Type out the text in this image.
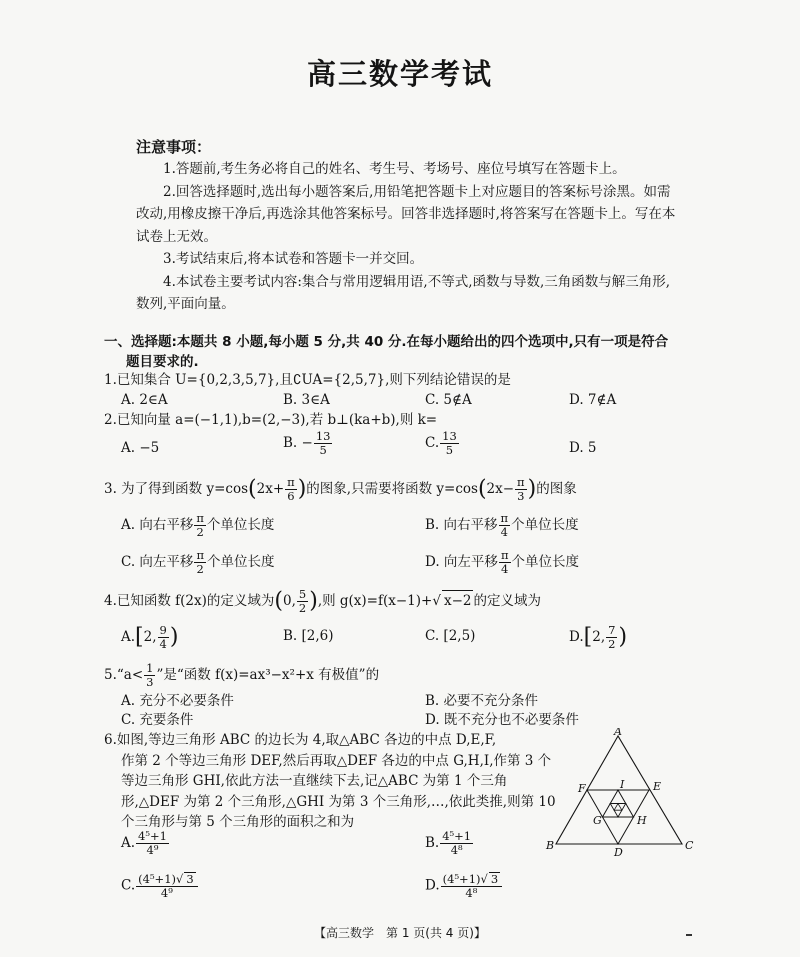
高三数学考试
注意事项：

1.答题前,考生务必将自己的姓名、考生号、考场号、座位号填写在答题卡上。

2.回答选择题时,选出每小题答案后,用铅笔把答题卡上对应题目的答案标号涂黑。如需改动,用橡皮擦干净后,再选涂其他答案标号。回答非选择题时,将答案写在答题卡上。写在本试卷上无效。

3.考试结束后,将本试卷和答题卡一并交回。

4.本试卷主要考试内容:集合与常用逻辑用语,不等式,函数与导数,三角函数与解三角形,数列,平面向量。

一、选择题:本题共 8 小题,每小题 5 分,共 40 分.在每小题给出的四个选项中,只有一项是符合
题目要求的.
1.已知集合 U={0,2,3,5,7},且∁UA={2,5,7},则下列结论错误的是
A. 2∈A	B. 3∈A	C. 5∉A	D. 7∉A
2.已知向量 a=(−1,1),b=(2,−3),若 b⊥(ka+b),则 k=
A. −5	B. − $\frac{13}{5}$	C. $\frac{13}{5}$	D. 5
3. 为了得到函数 $y=\cos(2x+ \frac{\pi}{6}$ )的图象,只需要将函数 $y=\cos(2x- \frac{\pi}{3}$ )的图象
A. 向右平移 $\frac{\pi}{2}$ 个单位长度	B. 向右平移 $\frac{\pi}{4}$ 个单位长度
C. 向左平移 $\frac{\pi}{2}$ 个单位长度	D. 向左平移 $\frac{\pi}{4}$ 个单位长度
4.已知函数 f(2x)的定义域为(0, $\frac{5}{2}$ ),则 g(x)=f(x−1)+√ x−2 的定义域为
A.[2, $\frac{9}{4}$ )	B. [2,6)	C. [2,5)	D.[2, $\frac{7}{2}$ )
5.“a< $\frac{1}{3}$ ”是“函数 f(x)=ax³−x²+x 有极值”的
A. 充分不必要条件	B. 必要不充分条件
C. 充要条件	D. 既不充分也不必要条件
6.如图,等边三角形 ABC 的边长为 4,取△ABC 各边的中点 D,E,F,
作第 2 个等边三角形 DEF,然后再取△DEF 各边的中点 G,H,I,作第 3 个等边三角形 GHI,依此方法一直继续下去,记△ABC 为第 1 个三角形,△DEF 为第 2 个三角形,△GHI 为第 3 个三角形,…,依此类推,则第 10 个三角形与第 5 个三角形的面积之和为
A. $\frac{\text{4⁵+1}}{\text{4⁹}}$	B. $\frac{\text{4⁵+1}}{\text{4⁸}}$
C. $\frac{\text{(4⁵+1)√ 3}}{\text{4⁹}}$	D. $\frac{\text{(4⁵+1)√ 3}}{\text{4⁸}}$
A
B	C
D
E
F
G	H
I
【高三数学　第 1 页(共 4 页)】
